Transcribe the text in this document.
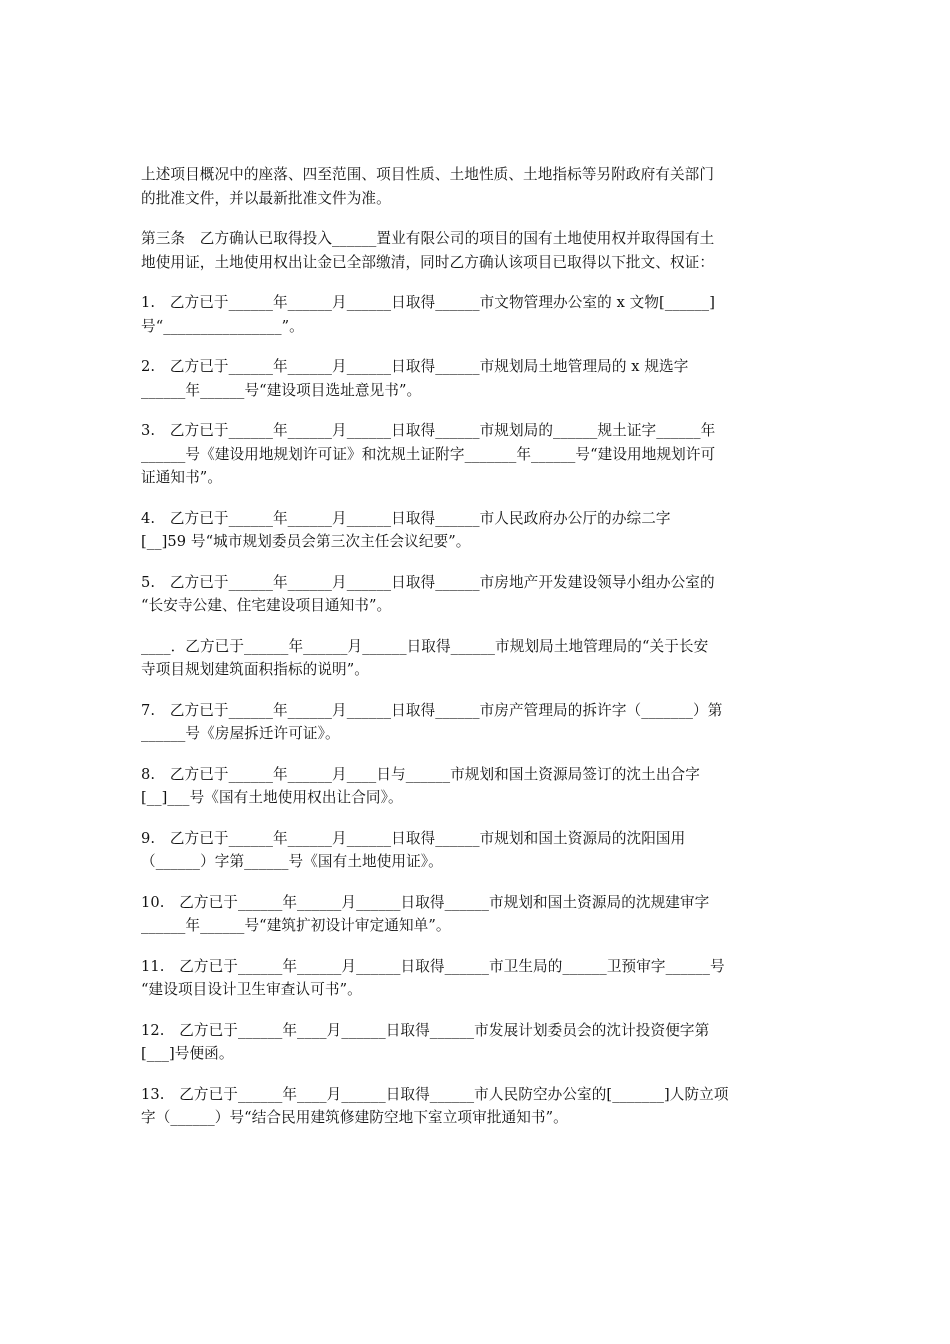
上述项目概况中的座落、四至范围、项目性质、土地性质、土地指标等另附政府有关部门
的批准文件，并以最新批准文件为准。
第三条　乙方确认已取得投入______置业有限公司的项目的国有土地使用权并取得国有土
地使用证，土地使用权出让金已全部缴清，同时乙方确认该项目已取得以下批文、权证：
1.　乙方已于______年______月______日取得______市文物管理办公室的 x 文物[______]
号“________________”。
2.　乙方已于______年______月______日取得______市规划局土地管理局的 x 规选字
______年______号“建设项目选址意见书”。
3.　乙方已于______年______月______日取得______市规划局的______规土证字______年
______号《建设用地规划许可证》和沈规土证附字_______年______号“建设用地规划许可
证通知书”。
4.　乙方已于______年______月______日取得______市人民政府办公厅的办综二字
[__]59 号“城市规划委员会第三次主任会议纪要”。
5.　乙方已于______年______月______日取得______市房地产开发建设领导小组办公室的
“长安寺公建、住宅建设项目通知书”。
____．乙方已于______年______月______日取得______市规划局土地管理局的“关于长安
寺项目规划建筑面积指标的说明”。
7.　乙方已于______年______月______日取得______市房产管理局的拆许字（_______）第
______号《房屋拆迁许可证》。
8.　乙方已于______年______月____日与______市规划和国土资源局签订的沈土出合字
[__]___号《国有土地使用权出让合同》。
9.　乙方已于______年______月______日取得______市规划和国土资源局的沈阳国用
（______）字第______号《国有土地使用证》。
10.　乙方已于______年______月______日取得______市规划和国土资源局的沈规建审字
______年______号“建筑扩初设计审定通知单”。
11.　乙方已于______年______月______日取得______市卫生局的______卫预审字______号
“建设项目设计卫生审查认可书”。
12.　乙方已于______年____月______日取得______市发展计划委员会的沈计投资便字第
[___]号便函。
13.　乙方已于______年____月______日取得______市人民防空办公室的[_______]人防立项
字（______）号“结合民用建筑修建防空地下室立项审批通知书”。
